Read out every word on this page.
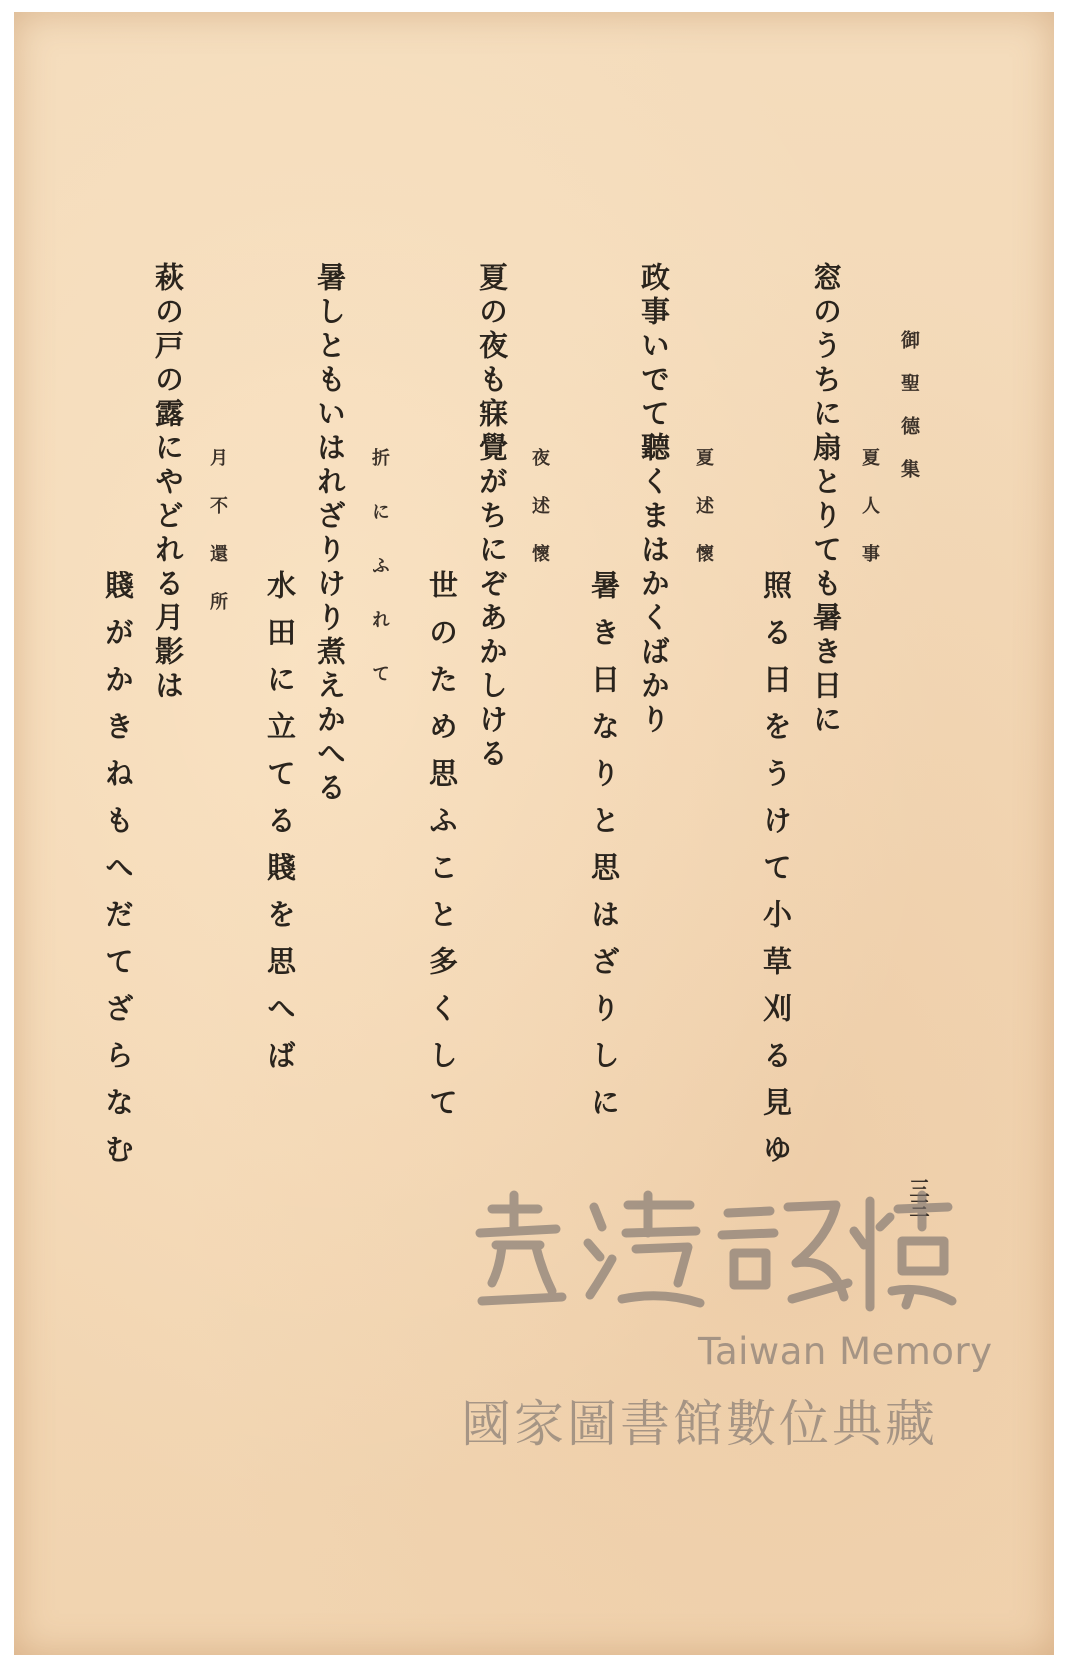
御聖德集
夏人事
窓のうちに扇とりても暑き日に
照る日をうけて小草刈る見ゆ
夏述懷
政事いでて聽くまはかくばかり
暑き日なりと思はざりしに
夜述懷
夏の夜も寐覺がちにぞあかしける
世のため思ふこと多くして
折にふれて
暑しともいはれざりけり煮えかへる
水田に立てる賤を思へば
月不還所
萩の戸の露にやどれる月影は
賤がかきねもへだてざらなむ
三三
Taiwan Memory
國家圖書館數位典藏
